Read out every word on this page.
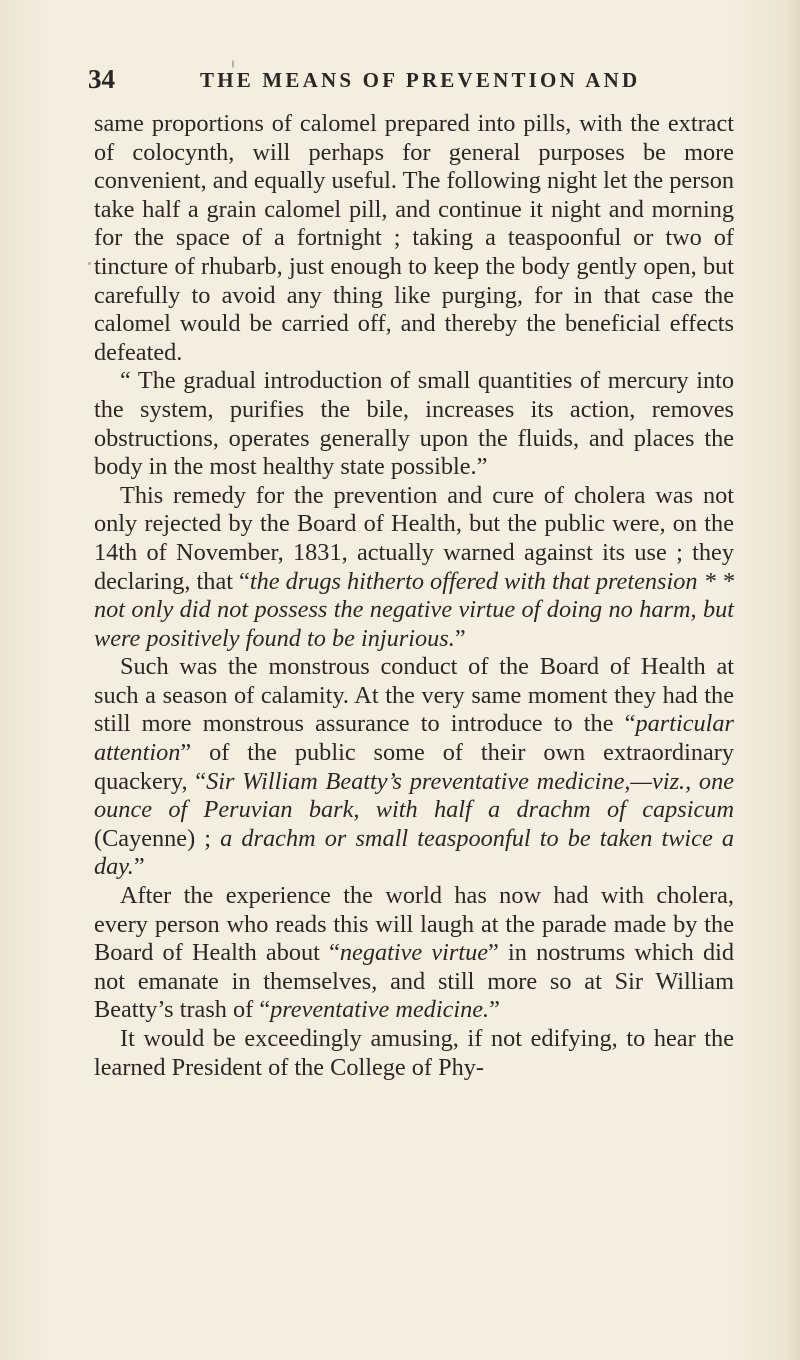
34	THE MEANS OF PREVENTION AND

same proportions of calomel prepared into pills, with the extract of colocynth, will perhaps for general purposes be more convenient, and equally useful. The following night let the person take half a grain calomel pill, and continue it night and morning for the space of a fortnight ; taking a teaspoonful or two of tincture of rhubarb, just enough to keep the body gently open, but carefully to avoid any thing like purging, for in that case the calomel would be carried off, and thereby the beneficial effects defeated.

“ The gradual introduction of small quantities of mercury into the system, purifies the bile, increases its action, removes obstructions, operates generally upon the fluids, and places the body in the most healthy state possible.”

This remedy for the prevention and cure of cholera was not only rejected by the Board of Health, but the public were, on the 14th of November, 1831, actually warned against its use ; they declaring, that “the drugs hitherto offered with that pretension * * not only did not possess the negative virtue of doing no harm, but were positively found to be injurious.”

Such was the monstrous conduct of the Board of Health at such a season of calamity. At the very same moment they had the still more monstrous assurance to introduce to the “particular attention” of the public some of their own extraordinary quackery, “Sir William Beatty’s preventative medicine,—viz., one ounce of Peruvian bark, with half a drachm of capsicum (Cayenne) ; a drachm or small teaspoonful to be taken twice a day.”

After the experience the world has now had with cholera, every person who reads this will laugh at the parade made by the Board of Health about “negative virtue” in nostrums which did not emanate in themselves, and still more so at Sir William Beatty’s trash of “preventative medicine.”

It would be exceedingly amusing, if not edifying, to hear the learned President of the College of Phy-
